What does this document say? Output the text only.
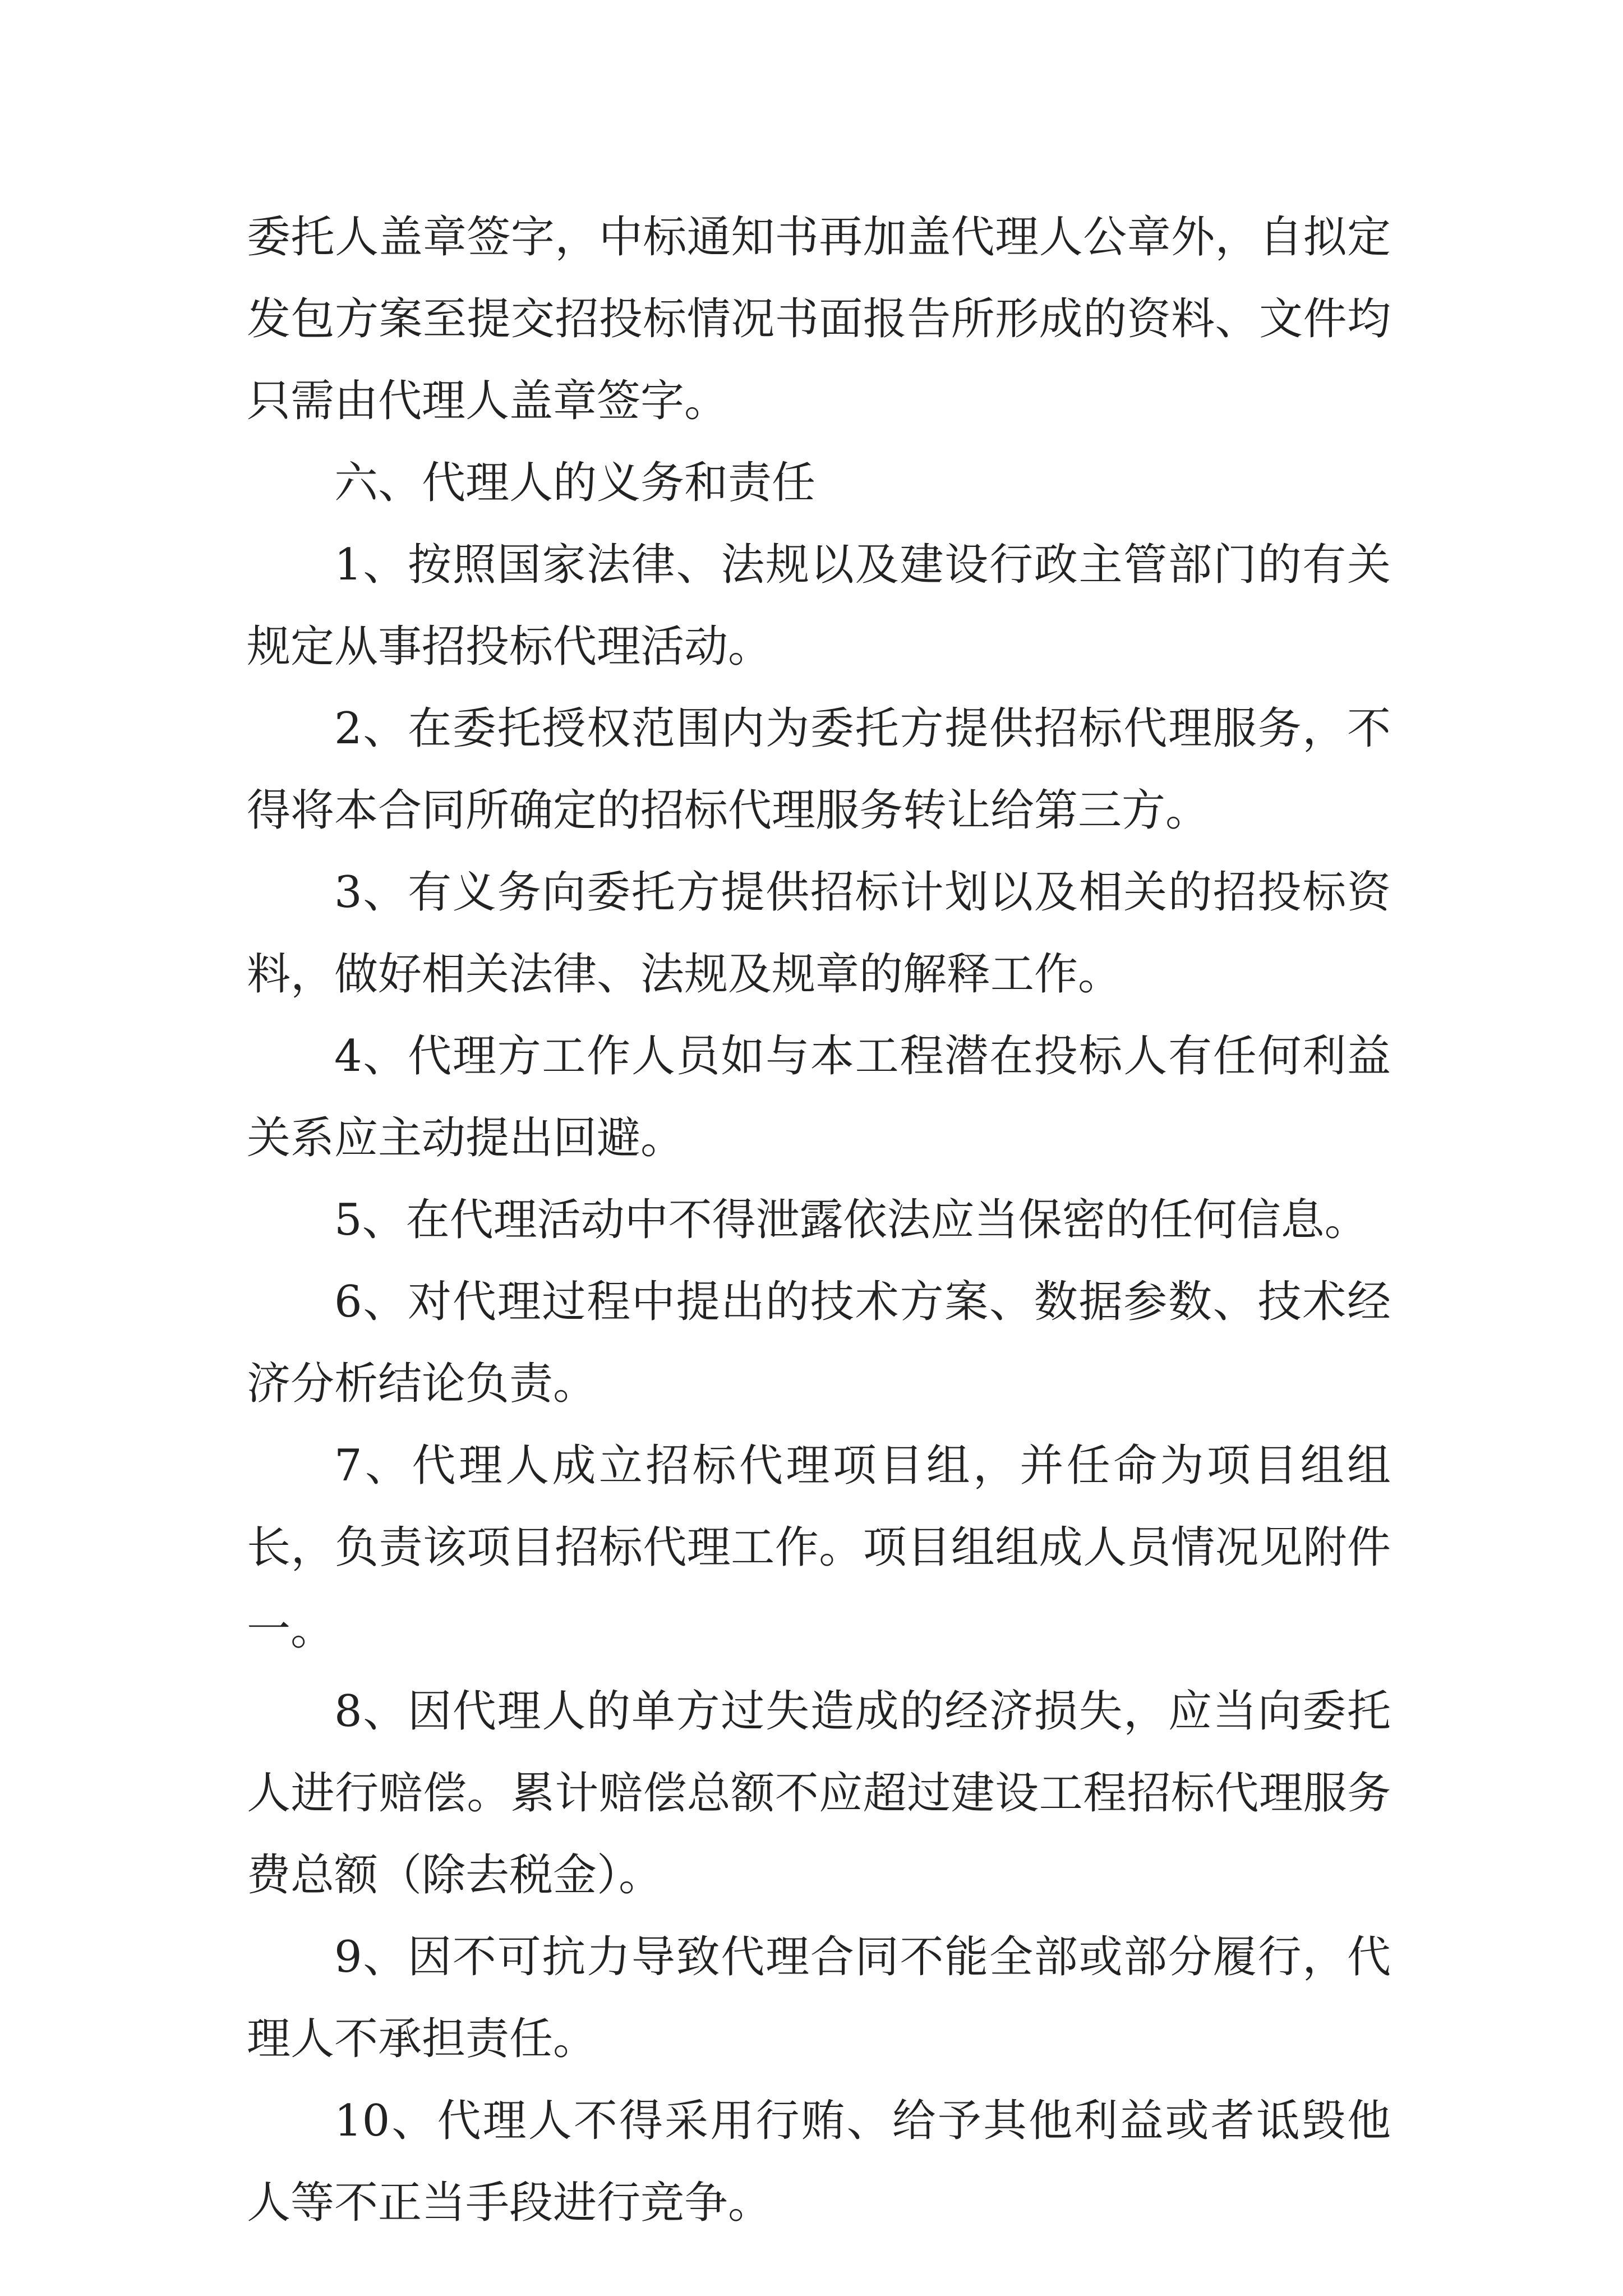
委托人盖章签字，中标通知书再加盖代理人公章外，自拟定发包方案至提交招投标情况书面报告所形成的资料、文件均只需由代理人盖章签字。

六、代理人的义务和责任

1、按照国家法律、法规以及建设行政主管部门的有关规定从事招投标代理活动。

2、在委托授权范围内为委托方提供招标代理服务，不得将本合同所确定的招标代理服务转让给第三方。

3、有义务向委托方提供招标计划以及相关的招投标资料，做好相关法律、法规及规章的解释工作。

4、代理方工作人员如与本工程潜在投标人有任何利益关系应主动提出回避。

5、在代理活动中不得泄露依法应当保密的任何信息。

6、对代理过程中提出的技术方案、数据参数、技术经济分析结论负责。

7、代理人成立招标代理项目组，并任命为项目组组长，负责该项目招标代理工作。项目组组成人员情况见附件一。

8、因代理人的单方过失造成的经济损失，应当向委托人进行赔偿。累计赔偿总额不应超过建设工程招标代理服务费总额（除去税金）。

9、因不可抗力导致代理合同不能全部或部分履行，代理人不承担责任。

10、代理人不得采用行贿、给予其他利益或者诋毁他人等不正当手段进行竞争。
